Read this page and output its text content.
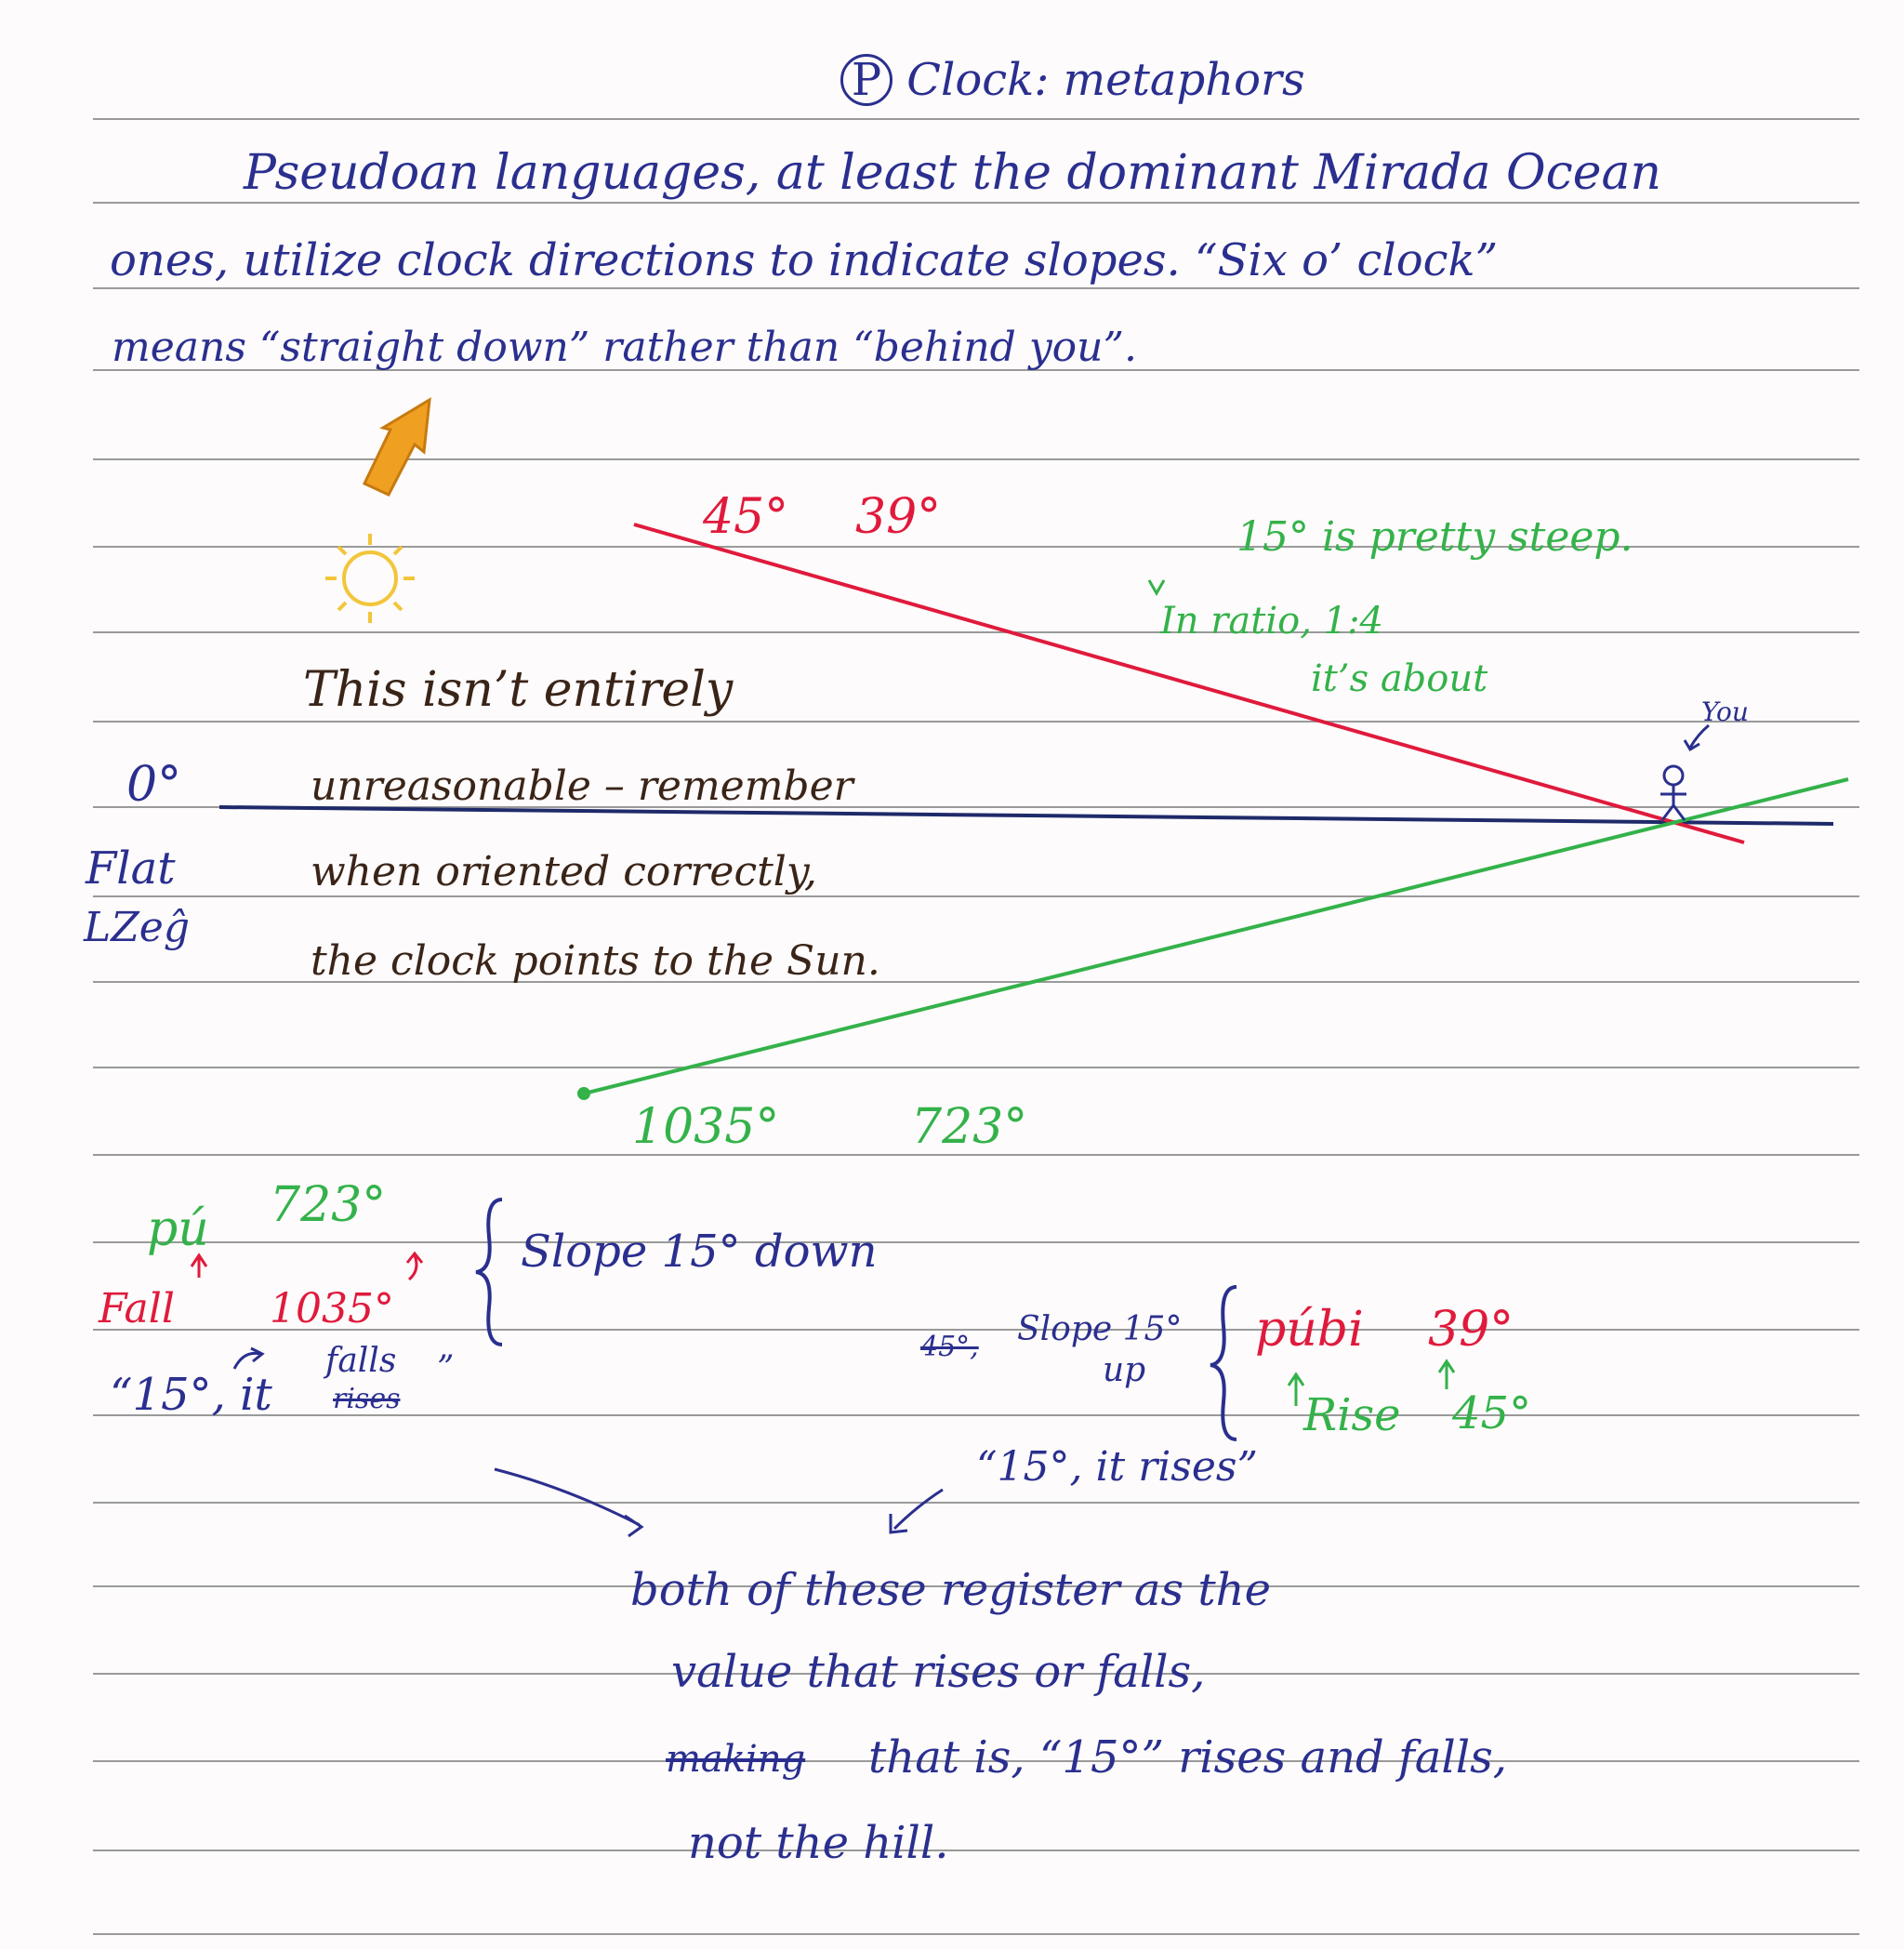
P Clock: metaphors
Pseudoan languages, at least the dominant Mirada Ocean
ones, utilize clock directions to indicate slopes. “Six o’ clock”
means “straight down” rather than “behind you”.
45° 39°	15° is pretty steep.
In ratio, 1:4
it’s about
You
This isn’t entirely
unreasonable – remember
when oriented correctly,
the clock points to the Sun.
0°
Flat
LZeĝ
1035°	723°
pú 723°
Fall 1035°
Slope 15° down
“15°, it
falls
rises
”
45°, Slope 15°
up
púbi 39°
Rise 45°
“15°, it rises”
both of these register as the
value that rises or falls,
making that is, “15°” rises and falls,
not the hill.
